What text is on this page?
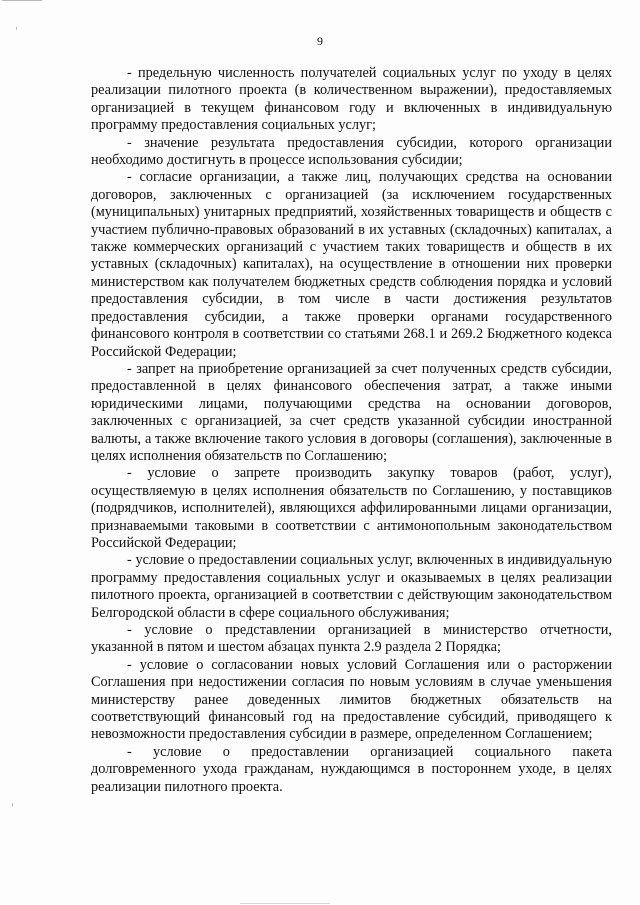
9

- предельную численность получателей социальных услуг по уходу в целях реализации пилотного проекта (в количественном выражении), предоставляемых организацией в текущем финансовом году и включенных в индивидуальную программу предоставления социальных услуг;

- значение результата предоставления субсидии, которого организации необходимо достигнуть в процессе использования субсидии;

- согласие организации, а также лиц, получающих средства на основании договоров, заключенных с организацией (за исключением государственных (муниципальных) унитарных предприятий, хозяйственных товариществ и обществ с участием публично-правовых образований в их уставных (складочных) капиталах, а также коммерческих организаций с участием таких товариществ и обществ в их уставных (складочных) капиталах), на осуществление в отношении них проверки министерством как получателем бюджетных средств соблюдения порядка и условий предоставления субсидии, в том числе в части достижения результатов предоставления субсидии, а также проверки органами государственного финансового контроля в соответствии со статьями 268.1 и 269.2 Бюджетного кодекса Российской Федерации;

- запрет на приобретение организацией за счет полученных средств субсидии, предоставленной в целях финансового обеспечения затрат, а также иными юридическими лицами, получающими средства на основании договоров, заключенных с организацией, за счет средств указанной субсидии иностранной валюты, а также включение такого условия в договоры (соглашения), заключенные в целях исполнения обязательств по Соглашению;

- условие о запрете производить закупку товаров (работ, услуг), осуществляемую в целях исполнения обязательств по Соглашению, у поставщиков (подрядчиков, исполнителей), являющихся аффилированными лицами организации, признаваемыми таковыми в соответствии с антимонопольным законодательством Российской Федерации;

- условие о предоставлении социальных услуг, включенных в индивидуальную программу предоставления социальных услуг и оказываемых в целях реализации пилотного проекта, организацией в соответствии с действующим законодательством Белгородской области в сфере социального обслуживания;

- условие о представлении организацией в министерство отчетности, указанной в пятом и шестом абзацах пункта 2.9 раздела 2 Порядка;

- условие о согласовании новых условий Соглашения или о расторжении Соглашения при недостижении согласия по новым условиям в случае уменьшения министерству ранее доведенных лимитов бюджетных обязательств на соответствующий финансовый год на предоставление субсидий, приводящего к невозможности предоставления субсидии в размере, определенном Соглашением;

- условие о предоставлении организацией социального пакета долговременного ухода гражданам, нуждающимся в постороннем уходе, в целях реализации пилотного проекта.
